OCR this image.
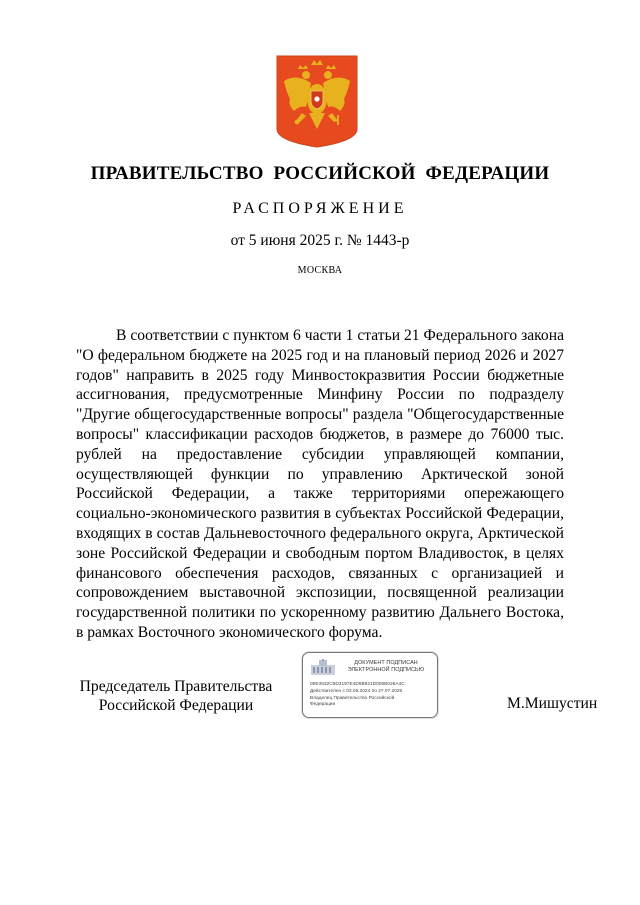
ПРАВИТЕЛЬСТВО РОССИЙСКОЙ ФЕДЕРАЦИИ
РАСПОРЯЖЕНИЕ
от 5 июня 2025 г. № 1443-р
МОСКВА

В соответствии с пунктом 6 части 1 статьи 21 Федерального закона "О федеральном бюджете на 2025 год и на плановый период 2026 и 2027 годов" направить в 2025 году Минвостокразвития России бюджетные ассигнования, предусмотренные Минфину России по подразделу "Другие общегосударственные вопросы" раздела "Общегосударственные вопросы" классификации расходов бюджетов, в размере до 76000 тыс. рублей на предоставление субсидии управляющей компании, осуществляющей функции по управлению Арктической зоной Российской Федерации, а также территориями опережающего социально-экономического развития в субъектах Российской Федерации, входящих в состав Дальневосточного федерального округа, Арктической зоне Российской Федерации и свободным портом Владивосток, в целях финансового обеспечения расходов, связанных с организацией и сопровождением выставочной экспозиции, посвященной реализации государственной политики по ускоренному развитию Дальнего Востока, в рамках Восточного экономического форума.

Председатель Правительства
Российской Федерации
ДОКУМЕНТ ПОДПИСАН
ЭЛЕКТРОННОЙ ПОДПИСЬЮ
00E3632C6D3197E4D9B921D006B028A4C
Действителен с 03.05.2024 по 27.07.2025
Владелец Правительство Российской
Федерации	М.Мишустин
